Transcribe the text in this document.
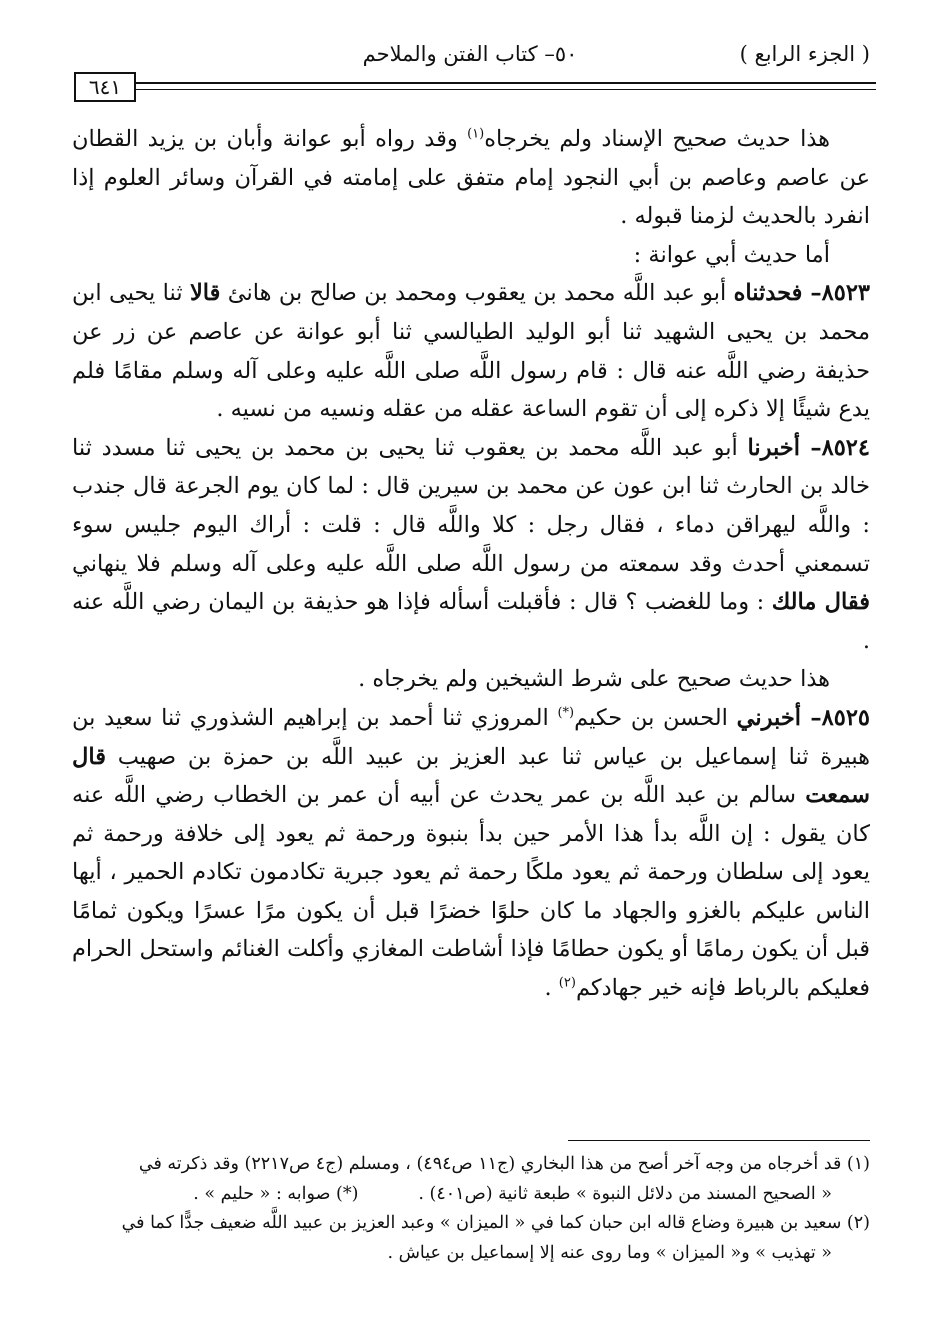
( الجزء الرابع )
٥٠– كتاب الفتن والملاحم
٦٤١

هذا حديث صحيح الإسناد ولم يخرجاه$^{(١)}$ وقد رواه أبو عوانة وأبان بن يزيد القطان عن عاصم وعاصم بن أبي النجود إمام متفق على إمامته في القرآن وسائر العلوم إذا انفرد بالحديث لزمنا قبوله .

أما حديث أبي عوانة :

٨٥٢٣– فحدثناه أبو عبد اللَّه محمد بن يعقوب ومحمد بن صالح بن هانئ قالا ثنا يحيى ابن محمد بن يحيى الشهيد ثنا أبو الوليد الطيالسي ثنا أبو عوانة عن عاصم عن زر عن حذيفة رضي اللَّه عنه قال : قام رسول اللَّه صلى اللَّه عليه وعلى آله وسلم مقامًا فلم يدع شيئًا إلا ذكره إلى أن تقوم الساعة عقله من عقله ونسيه من نسيه .

٨٥٢٤– أخبرنا أبو عبد اللَّه محمد بن يعقوب ثنا يحيى بن محمد بن يحيى ثنا مسدد ثنا خالد بن الحارث ثنا ابن عون عن محمد بن سيرين قال : لما كان يوم الجرعة قال جندب : واللَّه ليهراقن دماء ، فقال رجل : كلا واللَّه قال : قلت : أراك اليوم جليس سوء تسمعني أحدث وقد سمعته من رسول اللَّه صلى اللَّه عليه وعلى آله وسلم فلا ينهاني فقال مالك : وما للغضب ؟ قال : فأقبلت أسأله فإذا هو حذيفة بن اليمان رضي اللَّه عنه .

هذا حديث صحيح على شرط الشيخين ولم يخرجاه .

٨٥٢٥– أخبرني الحسن بن حكيم(*) المروزي ثنا أحمد بن إبراهيم الشذوري ثنا سعيد بن هبيرة ثنا إسماعيل بن عياس ثنا عبد العزيز بن عبيد اللَّه بن حمزة بن صهيب قال سمعت سالم بن عبد اللَّه بن عمر يحدث عن أبيه أن عمر بن الخطاب رضي اللَّه عنه كان يقول : إن اللَّه بدأ هذا الأمر حين بدأ بنبوة ورحمة ثم يعود إلى خلافة ورحمة ثم يعود إلى سلطان ورحمة ثم يعود ملكًا رحمة ثم يعود جبرية تكادمون تكادم الحمير ، أيها الناس عليكم بالغزو والجهاد ما كان حلوًا خضرًا قبل أن يكون مرًا عسرًا ويكون ثمامًا قبل أن يكون رمامًا أو يكون حطامًا فإذا أشاطت المغازي وأكلت الغنائم واستحل الحرام فعليكم بالرباط فإنه خير جهادكم$^{(٢)}$ .

(١) قد أخرجاه من وجه آخر أصح من هذا البخاري (ج١١ ص٤٩٤) ، ومسلم (ج٤ ص٢٢١٧) وقد ذكرته في

« الصحيح المسند من دلائل النبوة » طبعة ثانية (ص٤٠١) .(*) صوابه : « حليم » .

(٢) سعيد بن هبيرة وضاع قاله ابن حبان كما في « الميزان » وعبد العزيز بن عبيد اللَّه ضعيف جدًّا كما في

« تهذيب » و« الميزان » وما روى عنه إلا إسماعيل بن عياش .
